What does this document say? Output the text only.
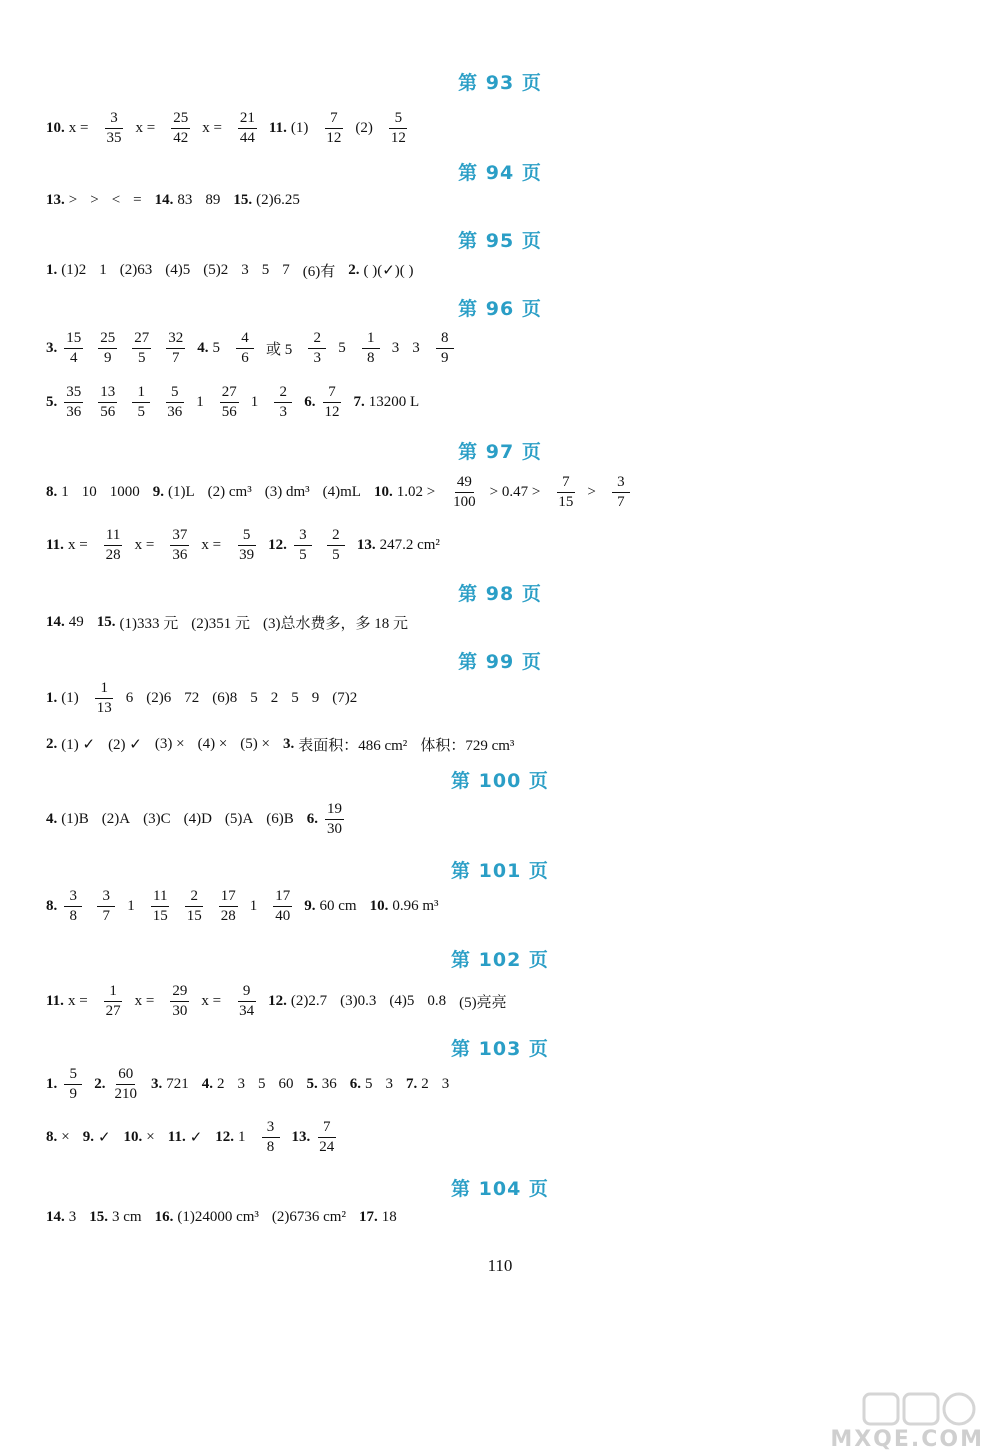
第 93 页
10. $x = \frac{3}{35}$ $x = \frac{25}{42}$ $x = \frac{21}{44} 11$. $(1) \frac{7}{12} (2) \frac{5}{12}$
第 94 页
13. > > < = 14. 83 89 15. (2)6.25
第 95 页
1. (1)2 1 (2)63 (4)5 (5)2 3 5 7 (6)有 2. ( )(✓)( )
第 96 页
3. $\frac{15}{4} \frac{25}{9} \frac{27}{5} \frac{32}{7} 4$. $5 \frac{4}{6}$ 或 $5 \frac{2}{3} 5 \frac{1}{8} 3$ $3 \frac{8}{9}$
5. $\frac{35}{36} \frac{13}{56} \frac{1}{5} \frac{5}{36} 1 \frac{27}{56} 1 \frac{2}{3} 6$. $\frac{7}{12} 7$. 13200 L
第 97 页
8. 1 10 1000 9. (1)L (2) cm³ (3) dm³ (4)mL 10. $1.02 > \frac{49}{100} > 0.47 > \frac{7}{15} > \frac{3}{7}$
11. $x = \frac{11}{28}$ $x = \frac{37}{36}$ $x = \frac{5}{39} 12$. $\frac{3}{5} \frac{2}{5} 13$. 247.2 cm²
第 98 页
14. 49 15. (1)333 元 (2)351 元 (3)总水费多，多 18 元
第 99 页
1. $(1) \frac{1}{13} 6$ (2)6 72 (6)8 5 2 5 9 (7)2
2. (1) ✓ (2) ✓ (3) × (4) × (5) × 3. 表面积：486 cm² 体积：729 cm³
第 100 页
4. (1)B (2)A (3)C (4)D (5)A (6)B 6. $\frac{19}{30}$
第 101 页
8. $\frac{3}{8} \frac{3}{7} 1 \frac{11}{15} \frac{2}{15} \frac{17}{28} 1 \frac{17}{40} 9$. 60 cm 10. 0.96 m³
第 102 页
11. $x = \frac{1}{27}$ $x = \frac{29}{30}$ $x = \frac{9}{34} 12$. (2)2.7 (3)0.3 (4)5 0.8 (5)亮亮
第 103 页
1. $\frac{5}{9} 2$. $\frac{60}{210} 3$. 721 4. 2 3 5 60 5. 36 6. 5 3 7. 2 3
8. × 9. ✓ 10. × 11. ✓ 12. $1 \frac{3}{8} 13$. $\frac{7}{24}$
第 104 页
14. 3 15. 3 cm 16. (1)24000 cm³ (2)6736 cm² 17. 18
110
MXQE.COM
